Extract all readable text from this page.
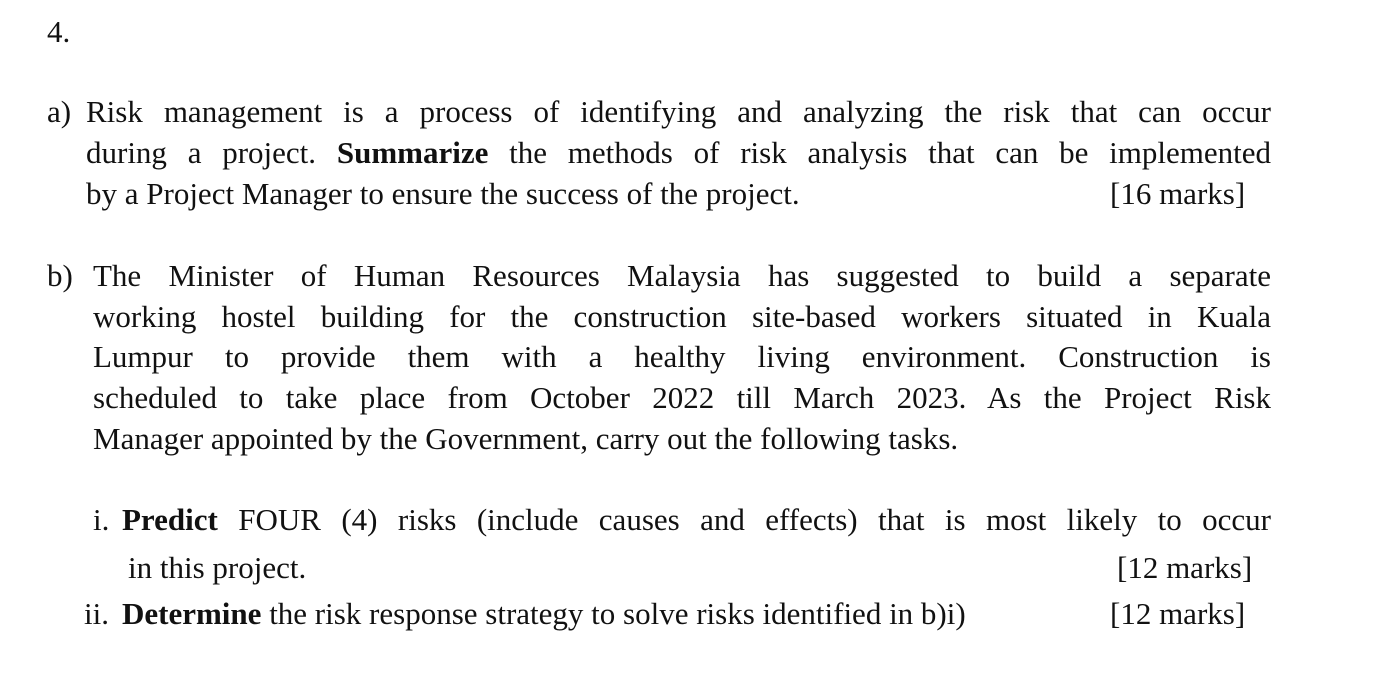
4.
a) Risk management is a process of identifying and analyzing the risk that can occur
during a project. Summarize the methods of risk analysis that can be implemented
by a Project Manager to ensure the success of the project.	[16 marks]
b) The Minister of Human Resources Malaysia has suggested to build a separate
working hostel building for the construction site-based workers situated in Kuala
Lumpur to provide them with a healthy living environment. Construction is
scheduled to take place from October 2022 till March 2023. As the Project Risk
Manager appointed by the Government, carry out the following tasks.
i. Predict FOUR (4) risks (include causes and effects) that is most likely to occur
in this project.	[12 marks]
ii. Determine the risk response strategy to solve risks identified in b)i)	[12 marks]
